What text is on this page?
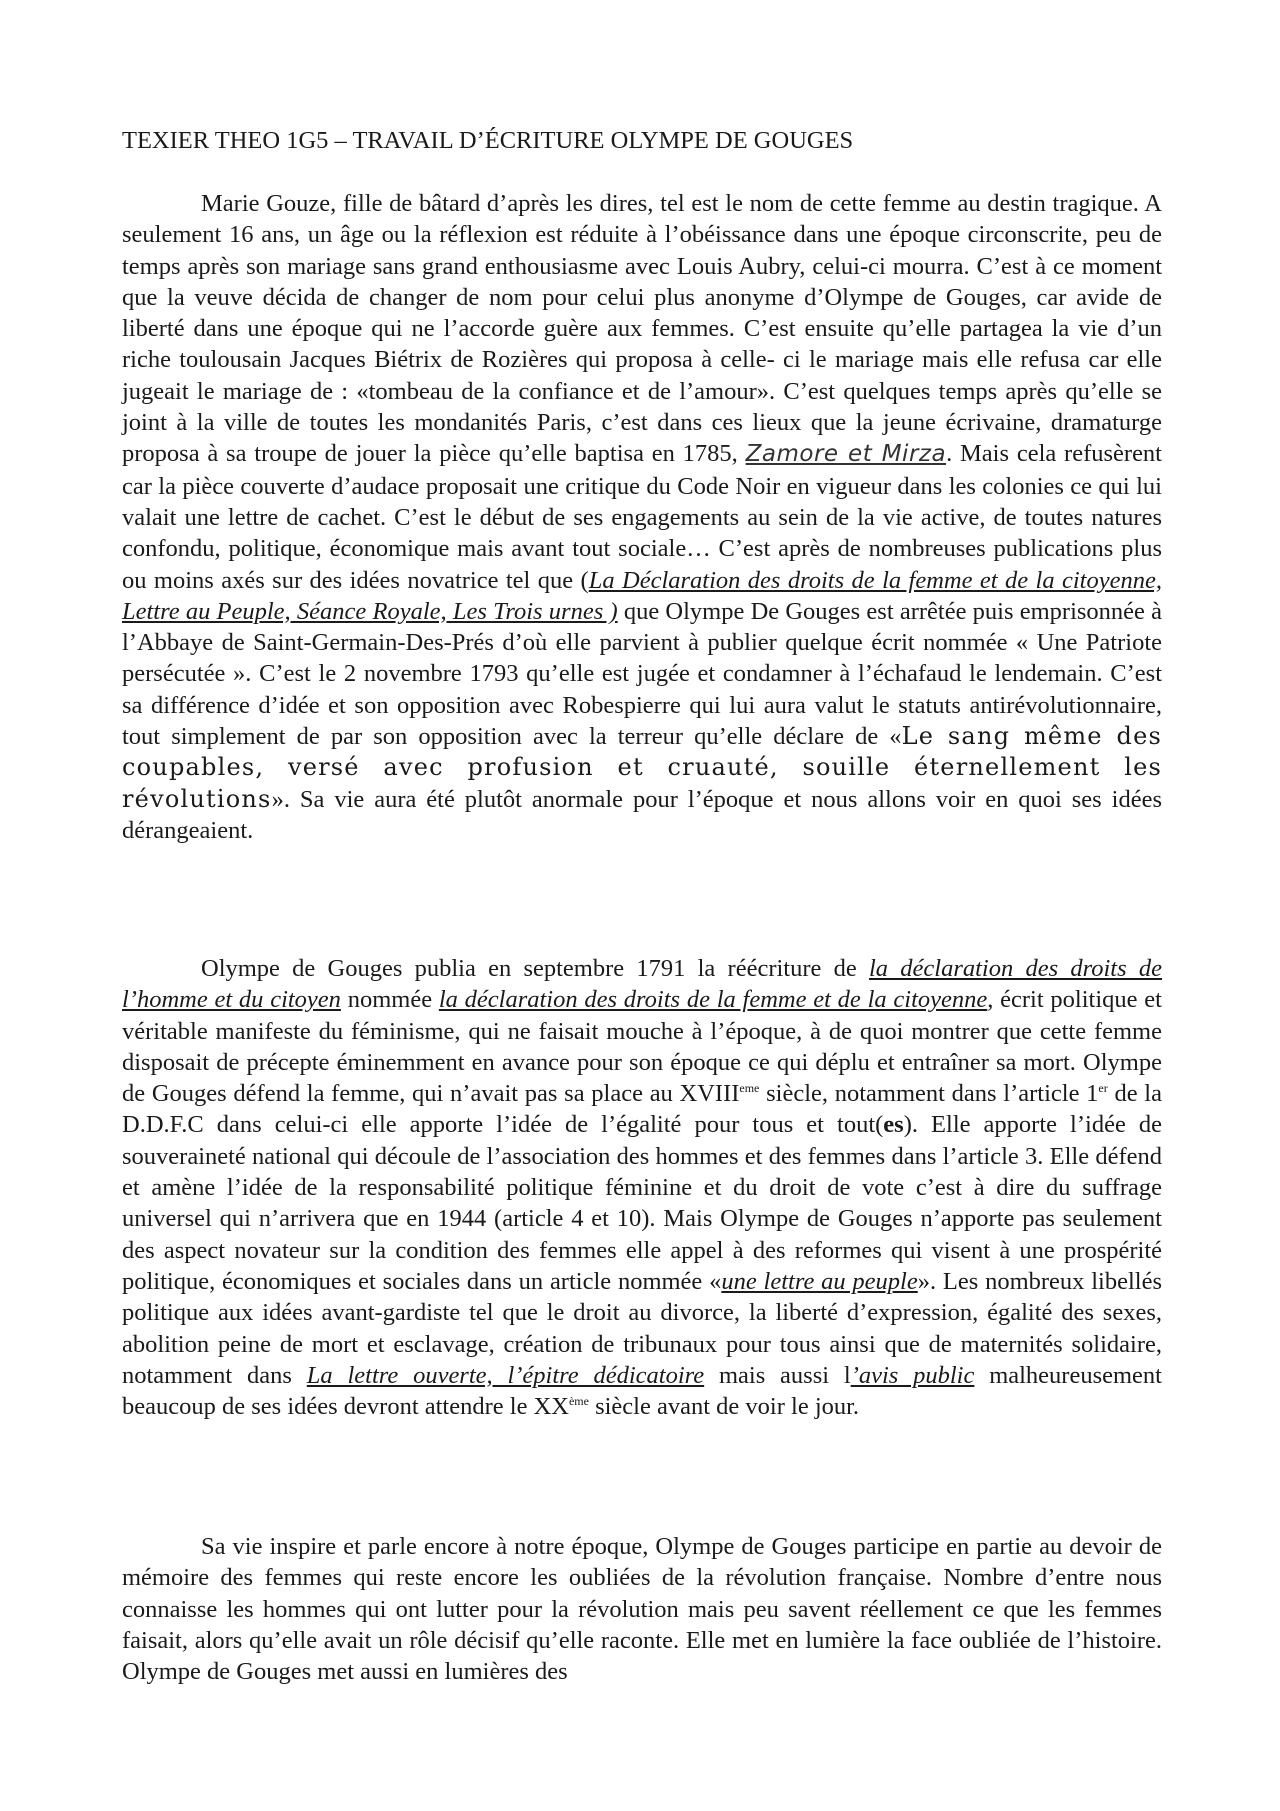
TEXIER THEO 1G5 – TRAVAIL D’ÉCRITURE OLYMPE DE GOUGES

Marie Gouze, fille de bâtard d’après les dires, tel est le nom de cette femme au destin tragique. A seulement 16 ans, un âge ou la réflexion est réduite à l’obéissance dans une époque circonscrite, peu de temps après son mariage sans grand enthousiasme avec Louis Aubry, celui-ci mourra. C’est à ce moment que la veuve décida de changer de nom pour celui plus anonyme d’Olympe de Gouges, car avide de liberté dans une époque qui ne l’accorde guère aux femmes. C’est ensuite qu’elle partagea la vie d’un riche toulousain Jacques Biétrix de Rozières qui proposa à celle- ci le mariage mais elle refusa car elle jugeait le mariage de : «tombeau de la confiance et de l’amour». C’est quelques temps après qu’elle se joint à la ville de toutes les mondanités Paris, c’est dans ces lieux que la jeune écrivaine, dramaturge proposa à sa troupe de jouer la pièce qu’elle baptisa en 1785, Zamore et Mirza. Mais cela refusèrent car la pièce couverte d’audace proposait une critique du Code Noir en vigueur dans les colonies ce qui lui valait une lettre de cachet. C’est le début de ses engagements au sein de la vie active, de toutes natures confondu, politique, économique mais avant tout sociale… C’est après de nombreuses publications plus ou moins axés sur des idées novatrice tel que (La Déclaration des droits de la femme et de la citoyenne, Lettre au Peuple, Séance Royale, Les Trois urnes ) que Olympe De Gouges est arrêtée puis emprisonnée à l’Abbaye de Saint-Germain-Des-Prés d’où elle parvient à publier quelque écrit nommée « Une Patriote persécutée ». C’est le 2 novembre 1793 qu’elle est jugée et condamner à l’échafaud le lendemain. C’est sa différence d’idée et son opposition avec Robespierre qui lui aura valut le statuts antirévolutionnaire, tout simplement de par son opposition avec la terreur qu’elle déclare de «Le sang même des coupables, versé avec profusion et cruauté, souille éternellement les révolutions». Sa vie aura été plutôt anormale pour l’époque et nous allons voir en quoi ses idées dérangeaient.

Olympe de Gouges publia en septembre 1791 la réécriture de la déclaration des droits de l’homme et du citoyen nommée la déclaration des droits de la femme et de la citoyenne, écrit politique et véritable manifeste du féminisme, qui ne faisait mouche à l’époque, à de quoi montrer que cette femme disposait de précepte éminemment en avance pour son époque ce qui déplu et entraîner sa mort. Olympe de Gouges défend la femme, qui n’avait pas sa place au XVIIIeme siècle, notamment dans l’article 1er de la D.D.F.C dans celui-ci elle apporte l’idée de l’égalité pour tous et tout(es). Elle apporte l’idée de souveraineté national qui découle de l’association des hommes et des femmes dans l’article 3. Elle défend et amène l’idée de la responsabilité politique féminine et du droit de vote c’est à dire du suffrage universel qui n’arrivera que en 1944 (article 4 et 10). Mais Olympe de Gouges n’apporte pas seulement des aspect novateur sur la condition des femmes elle appel à des reformes qui visent à une prospérité politique, économiques et sociales dans un article nommée «une lettre au peuple». Les nombreux libellés politique aux idées avant-gardiste tel que le droit au divorce, la liberté d’expression, égalité des sexes, abolition peine de mort et esclavage, création de tribunaux pour tous ainsi que de maternités solidaire, notamment dans La lettre ouverte, l’épitre dédicatoire mais aussi l’avis public malheureusement beaucoup de ses idées devront attendre le XXème siècle avant de voir le jour.

Sa vie inspire et parle encore à notre époque, Olympe de Gouges participe en partie au devoir de mémoire des femmes qui reste encore les oubliées de la révolution française. Nombre d’entre nous connaisse les hommes qui ont lutter pour la révolution mais peu savent réellement ce que les femmes faisait, alors qu’elle avait un rôle décisif qu’elle raconte. Elle met en lumière la face oubliée de l’histoire. Olympe de Gouges met aussi en lumières des
